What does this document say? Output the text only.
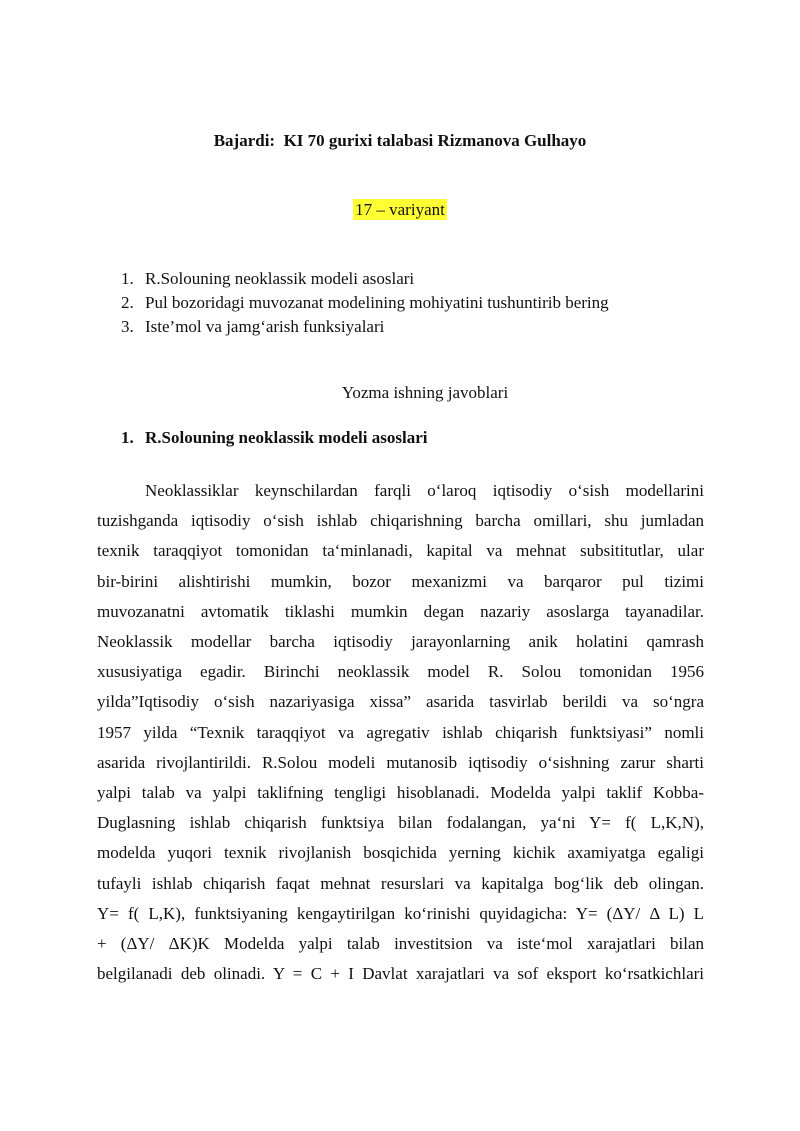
Bajardi:  KI 70 gurixi talabasi Rizmanova Gulhayo
17 – variyant
1. R.Solouning neoklassik modeli asoslari
2. Pul bozoridagi muvozanat modelining mohiyatini tushuntirib bering
3. Iste’mol va jamg‘arish funksiyalari
Yozma ishning javoblari
1. R.Solouning neoklassik modeli asoslari
Neoklassiklar keynschilardan farqli o‘laroq iqtisodiy o‘sish modellarini
tuzishganda iqtisodiy o‘sish ishlab chiqarishning barcha omillari, shu jumladan
texnik taraqqiyot tomonidan ta‘minlanadi, kapital va mehnat subsititutlar, ular
bir-birini alishtirishi mumkin, bozor mexanizmi va barqaror pul tizimi
muvozanatni avtomatik tiklashi mumkin degan nazariy asoslarga tayanadilar.
Neoklassik modellar barcha iqtisodiy jarayonlarning anik holatini qamrash
xususiyatiga egadir. Birinchi neoklassik model R. Solou tomonidan 1956
yilda”Iqtisodiy o‘sish nazariyasiga xissa” asarida tasvirlab berildi va so‘ngra
1957 yilda “Texnik taraqqiyot va agregativ ishlab chiqarish funktsiyasi” nomli
asarida rivojlantirildi. R.Solou modeli mutanosib iqtisodiy o‘sishning zarur sharti
yalpi talab va yalpi taklifning tengligi hisoblanadi. Modelda yalpi taklif Kobba-
Duglasning ishlab chiqarish funktsiya bilan fodalangan, ya‘ni Y= f( L,K,N),
modelda yuqori texnik rivojlanish bosqichida yerning kichik axamiyatga egaligi
tufayli ishlab chiqarish faqat mehnat resurslari va kapitalga bog‘lik deb olingan.
Y= f( L,K), funktsiyaning kengaytirilgan ko‘rinishi quyidagicha: Y= (ΔY/ Δ L) L
+ (ΔY/ ΔK)K Modelda yalpi talab investitsion va iste‘mol xarajatlari bilan
belgilanadi deb olinadi. Y = C + I Davlat xarajatlari va sof eksport ko‘rsatkichlari
